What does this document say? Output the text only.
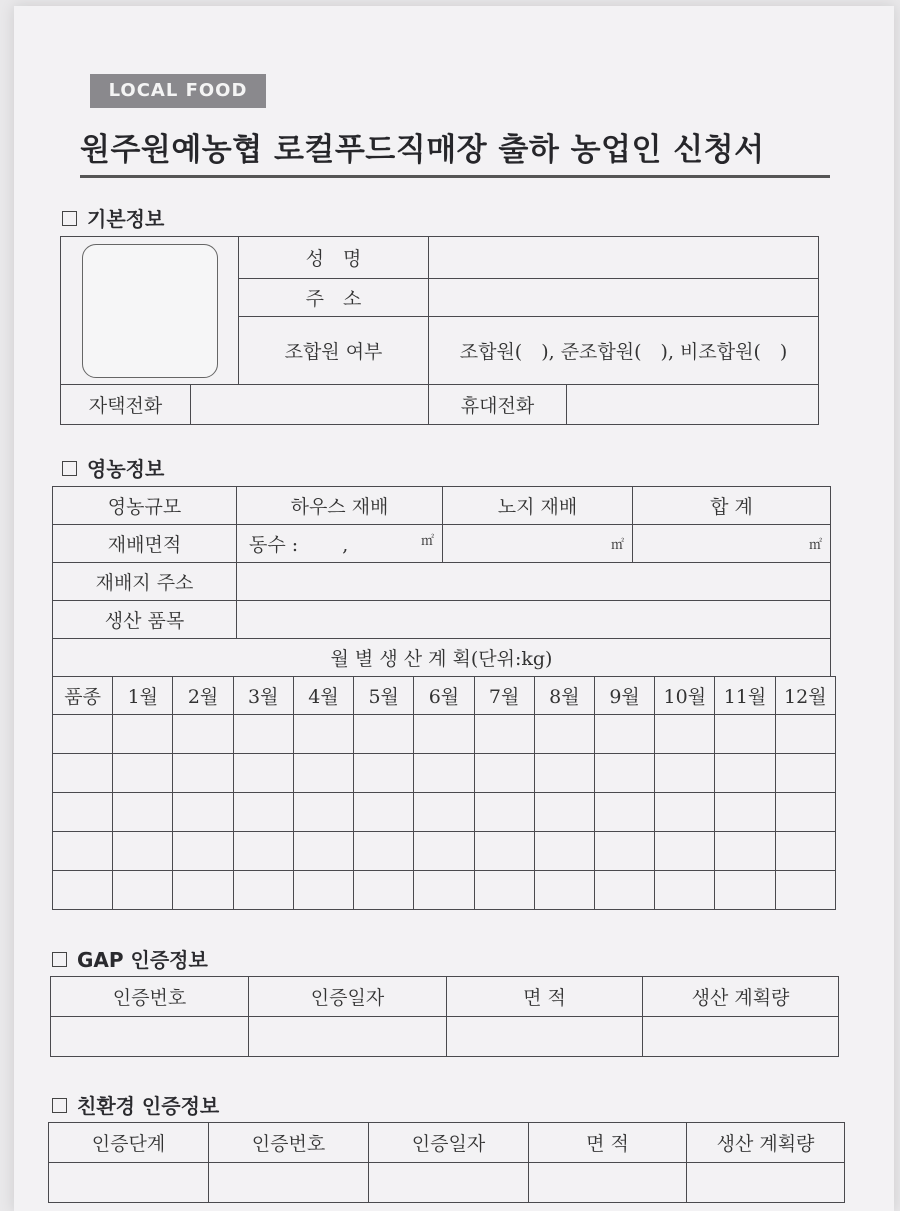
LOCAL FOOD
원주원예농협 로컬푸드직매장 출하 농업인 신청서
기본정보
		성　명		
		주　소		
		조합원 여부	조합원(　), 준조합원(　), 비조합원(　)	
자택전화			휴대전화	
영농정보
영농규모	하우스 재배	노지 재배	합 계
재배면적	동수 :　　 , ㎡	㎡	㎡

재배지 주소			
생산 품목			
월 별 생 산 계 획(단위:kg)			
품종	1월	2월	3월	4월	5월	6월	7월	8월	9월	10월	11월	12월

GAP 인증정보
인증번호	인증일자	면 적	생산 계획량

친환경 인증정보
인증단계	인증번호	인증일자	면 적	생산 계획량
